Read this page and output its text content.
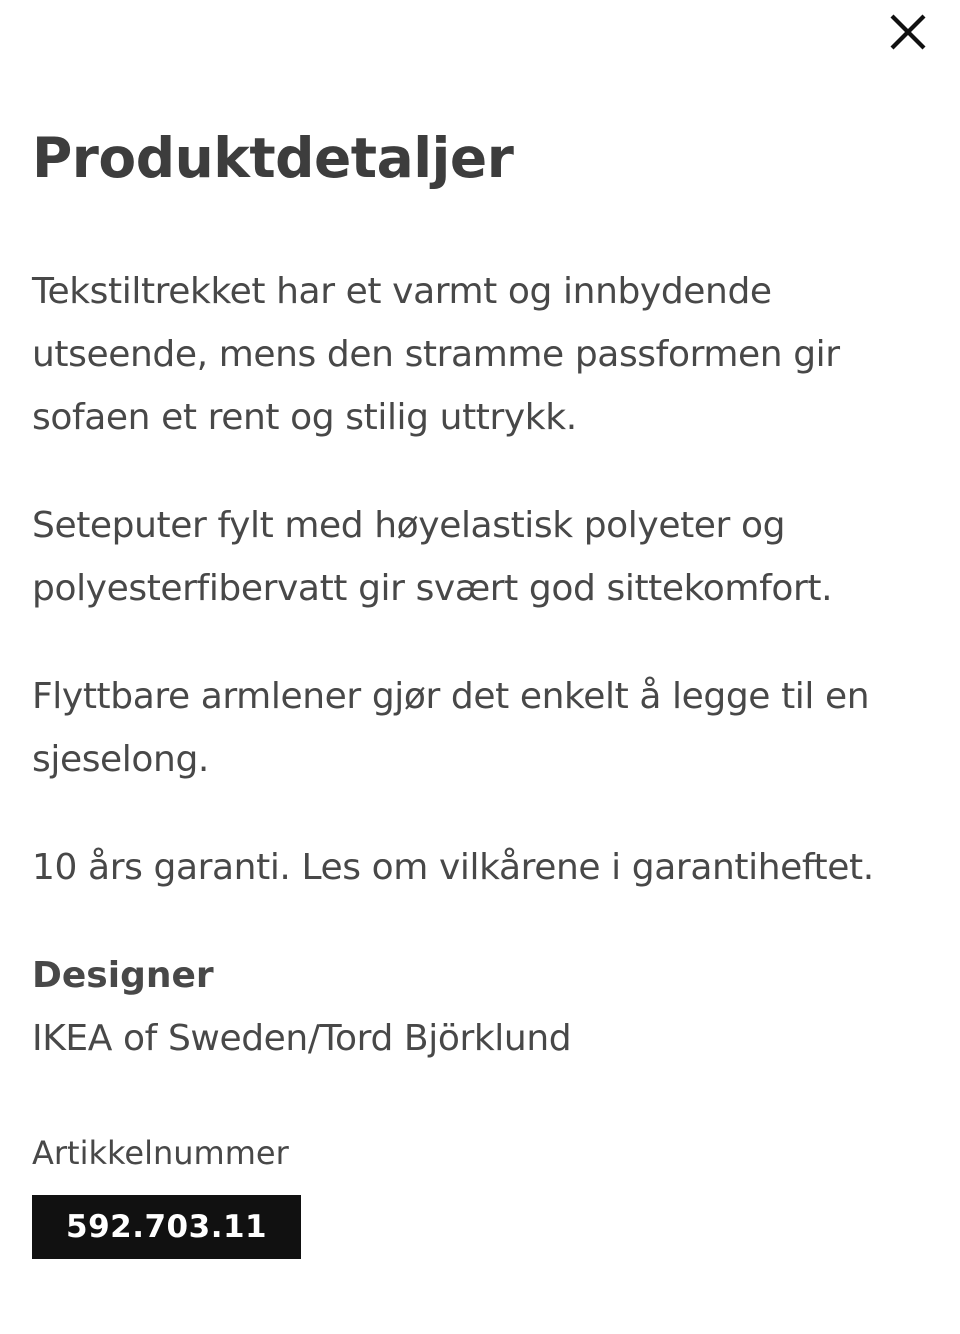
Produktdetaljer

Tekstiltrekket har et varmt og innbydende utseende, mens den stramme passformen gir sofaen et rent og stilig uttrykk.

Seteputer fylt med høyelastisk polyeter og polyesterfibervatt gir svært god sittekomfort.

Flyttbare armlener gjør det enkelt å legge til en sjeselong.

10 års garanti. Les om vilkårene i garantiheftet.

Designer

IKEA of Sweden/Tord Björklund

Artikkelnummer

592.703.11
